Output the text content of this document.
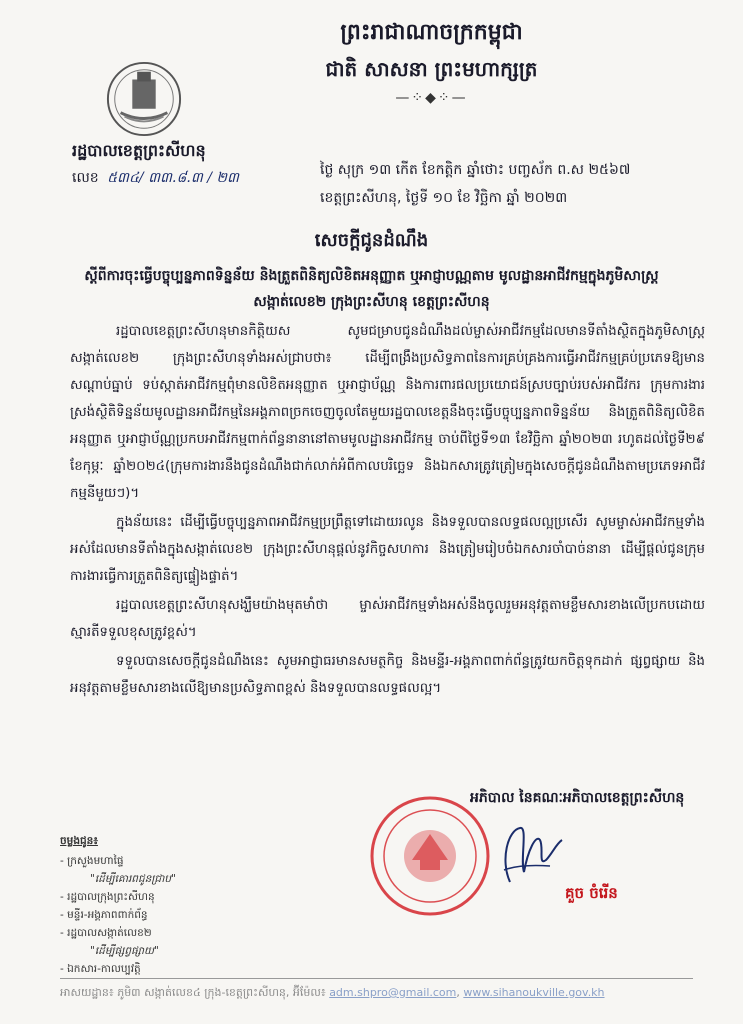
ព្រះរាជាណាចក្រកម្ពុជា
ជាតិ សាសនា ព្រះមហាក្សត្រ
—⁘◆⁘—
រដ្ឋបាលខេត្តព្រះសីហនុ
លេខ ៥៣៤/ ៣៣.៨.៣ / ២៣	ថ្ងៃ សុក្រ ១៣ កើត ខែកត្តិក ឆ្នាំថោះ បញ្ចស័ក ព.ស ២៥៦៧
ខេត្តព្រះសីហនុ, ថ្ងៃទី ១០ ខែ វិច្ឆិកា ឆ្នាំ ២០២៣
សេចក្ដីជូនដំណឹង
ស្ដីពីការចុះធ្វើបច្ចុប្បន្នភាពទិន្នន័យ និងត្រួតពិនិត្យលិខិតអនុញ្ញាត ឬអាជ្ញាបណ្ណតាម មូលដ្ឋានអាជីវកម្មក្នុងភូមិសាស្ត្រសង្កាត់លេខ២ ក្រុងព្រះសីហនុ ខេត្តព្រះសីហនុ

រដ្ឋបាលខេត្តព្រះសីហនុមានកិត្តិយស សូមជម្រាបជូនដំណឹងដល់ម្ចាស់អាជីវកម្មដែលមានទីតាំងស្ថិតក្នុងភូមិសាស្ត្រសង្កាត់លេខ២ ក្រុងព្រះសីហនុទាំងអស់ជ្រាបថា៖ ដើម្បីពង្រឹងប្រសិទ្ធភាពនៃការគ្រប់គ្រងការធ្វើអាជីវកម្មគ្រប់ប្រភេទឱ្យមានសណ្ដាប់ធ្នាប់ ទប់ស្កាត់អាជីវកម្មពុំមានលិខិតអនុញ្ញាត ឬអាជ្ញាប័ណ្ណ និងការពារផលប្រយោជន៍ស្របច្បាប់របស់អាជីវករ ក្រុមការងារស្រង់ស្ថិតិទិន្នន័យមូលដ្ឋានអាជីវកម្មនៃអង្គភាពច្រកចេញចូលតែមួយរដ្ឋបាលខេត្តនឹងចុះធ្វើបច្ចុប្បន្នភាពទិន្នន័យ និងត្រួតពិនិត្យលិខិតអនុញ្ញាត ឬអាជ្ញាប័ណ្ណប្រកបអាជីវកម្មពាក់ព័ន្ធនានានៅតាមមូលដ្ឋានអាជីវកម្ម ចាប់ពីថ្ងៃទី១៣ ខែវិច្ឆិកា ឆ្នាំ២០២៣ រហូតដល់ថ្ងៃទី២៩ ខែកុម្ភៈ ឆ្នាំ២០២៤(ក្រុមការងារនឹងជូនដំណឹងជាក់លាក់អំពីកាលបរិច្ឆេទ និងឯកសារត្រូវត្រៀមក្នុងសេចក្ដីជូនដំណឹងតាមប្រភេទអាជីវកម្មនីមួយៗ)។

ក្នុងន័យនេះ ដើម្បីធ្វើបច្ចុប្បន្នភាពអាជីវកម្មប្រព្រឹត្តទៅដោយរលូន និងទទួលបានលទ្ធផលល្អប្រសើរ សូមម្ចាស់អាជីវកម្មទាំងអស់ដែលមានទីតាំងក្នុងសង្កាត់លេខ២ ក្រុងព្រះសីហនុផ្ដល់នូវកិច្ចសហការ និងត្រៀមរៀបចំឯកសារចាំបាច់នានា ដើម្បីផ្ដល់ជូនក្រុមការងារធ្វើការត្រួតពិនិត្យផ្ទៀងផ្ទាត់។

រដ្ឋបាលខេត្តព្រះសីហនុសង្ឃឹមយ៉ាងមុតមាំថា ម្ចាស់អាជីវកម្មទាំងអស់នឹងចូលរួមអនុវត្តតាមខ្លឹមសារខាងលើប្រកបដោយស្មារតីទទួលខុសត្រូវខ្ពស់។

ទទួលបានសេចក្ដីជូនដំណឹងនេះ សូមអាជ្ញាធរមានសមត្ថកិច្ច និងមន្ទីរ-អង្គភាពពាក់ព័ន្ធត្រូវយកចិត្តទុកដាក់ ផ្សព្វផ្សាយ និងអនុវត្តតាមខ្លឹមសារខាងលើឱ្យមានប្រសិទ្ធភាពខ្ពស់ និងទទួលបានលទ្ធផលល្អ។

អភិបាល នៃគណៈអភិបាលខេត្តព្រះសីហនុ
គួច ចំរើន
ចម្លងជូន៖
- ក្រសួងមហាផ្ទៃ
"ដើម្បីគោរពជូនជ្រាប"
- រដ្ឋបាលក្រុងព្រះសីហនុ
- មន្ទីរ-អង្គភាពពាក់ព័ន្ធ
- រដ្ឋបាលសង្កាត់លេខ២
"ដើម្បីផ្សព្វផ្សាយ"
- ឯកសារ-កាលប្បវត្តិ
អាសយដ្ឋាន៖ ភូមិ៣ សង្កាត់លេខ៤ ក្រុង-ខេត្តព្រះសីហនុ, អ៊ីម៉ែល៖ adm.shpro@gmail.com, www.sihanoukville.gov.kh
